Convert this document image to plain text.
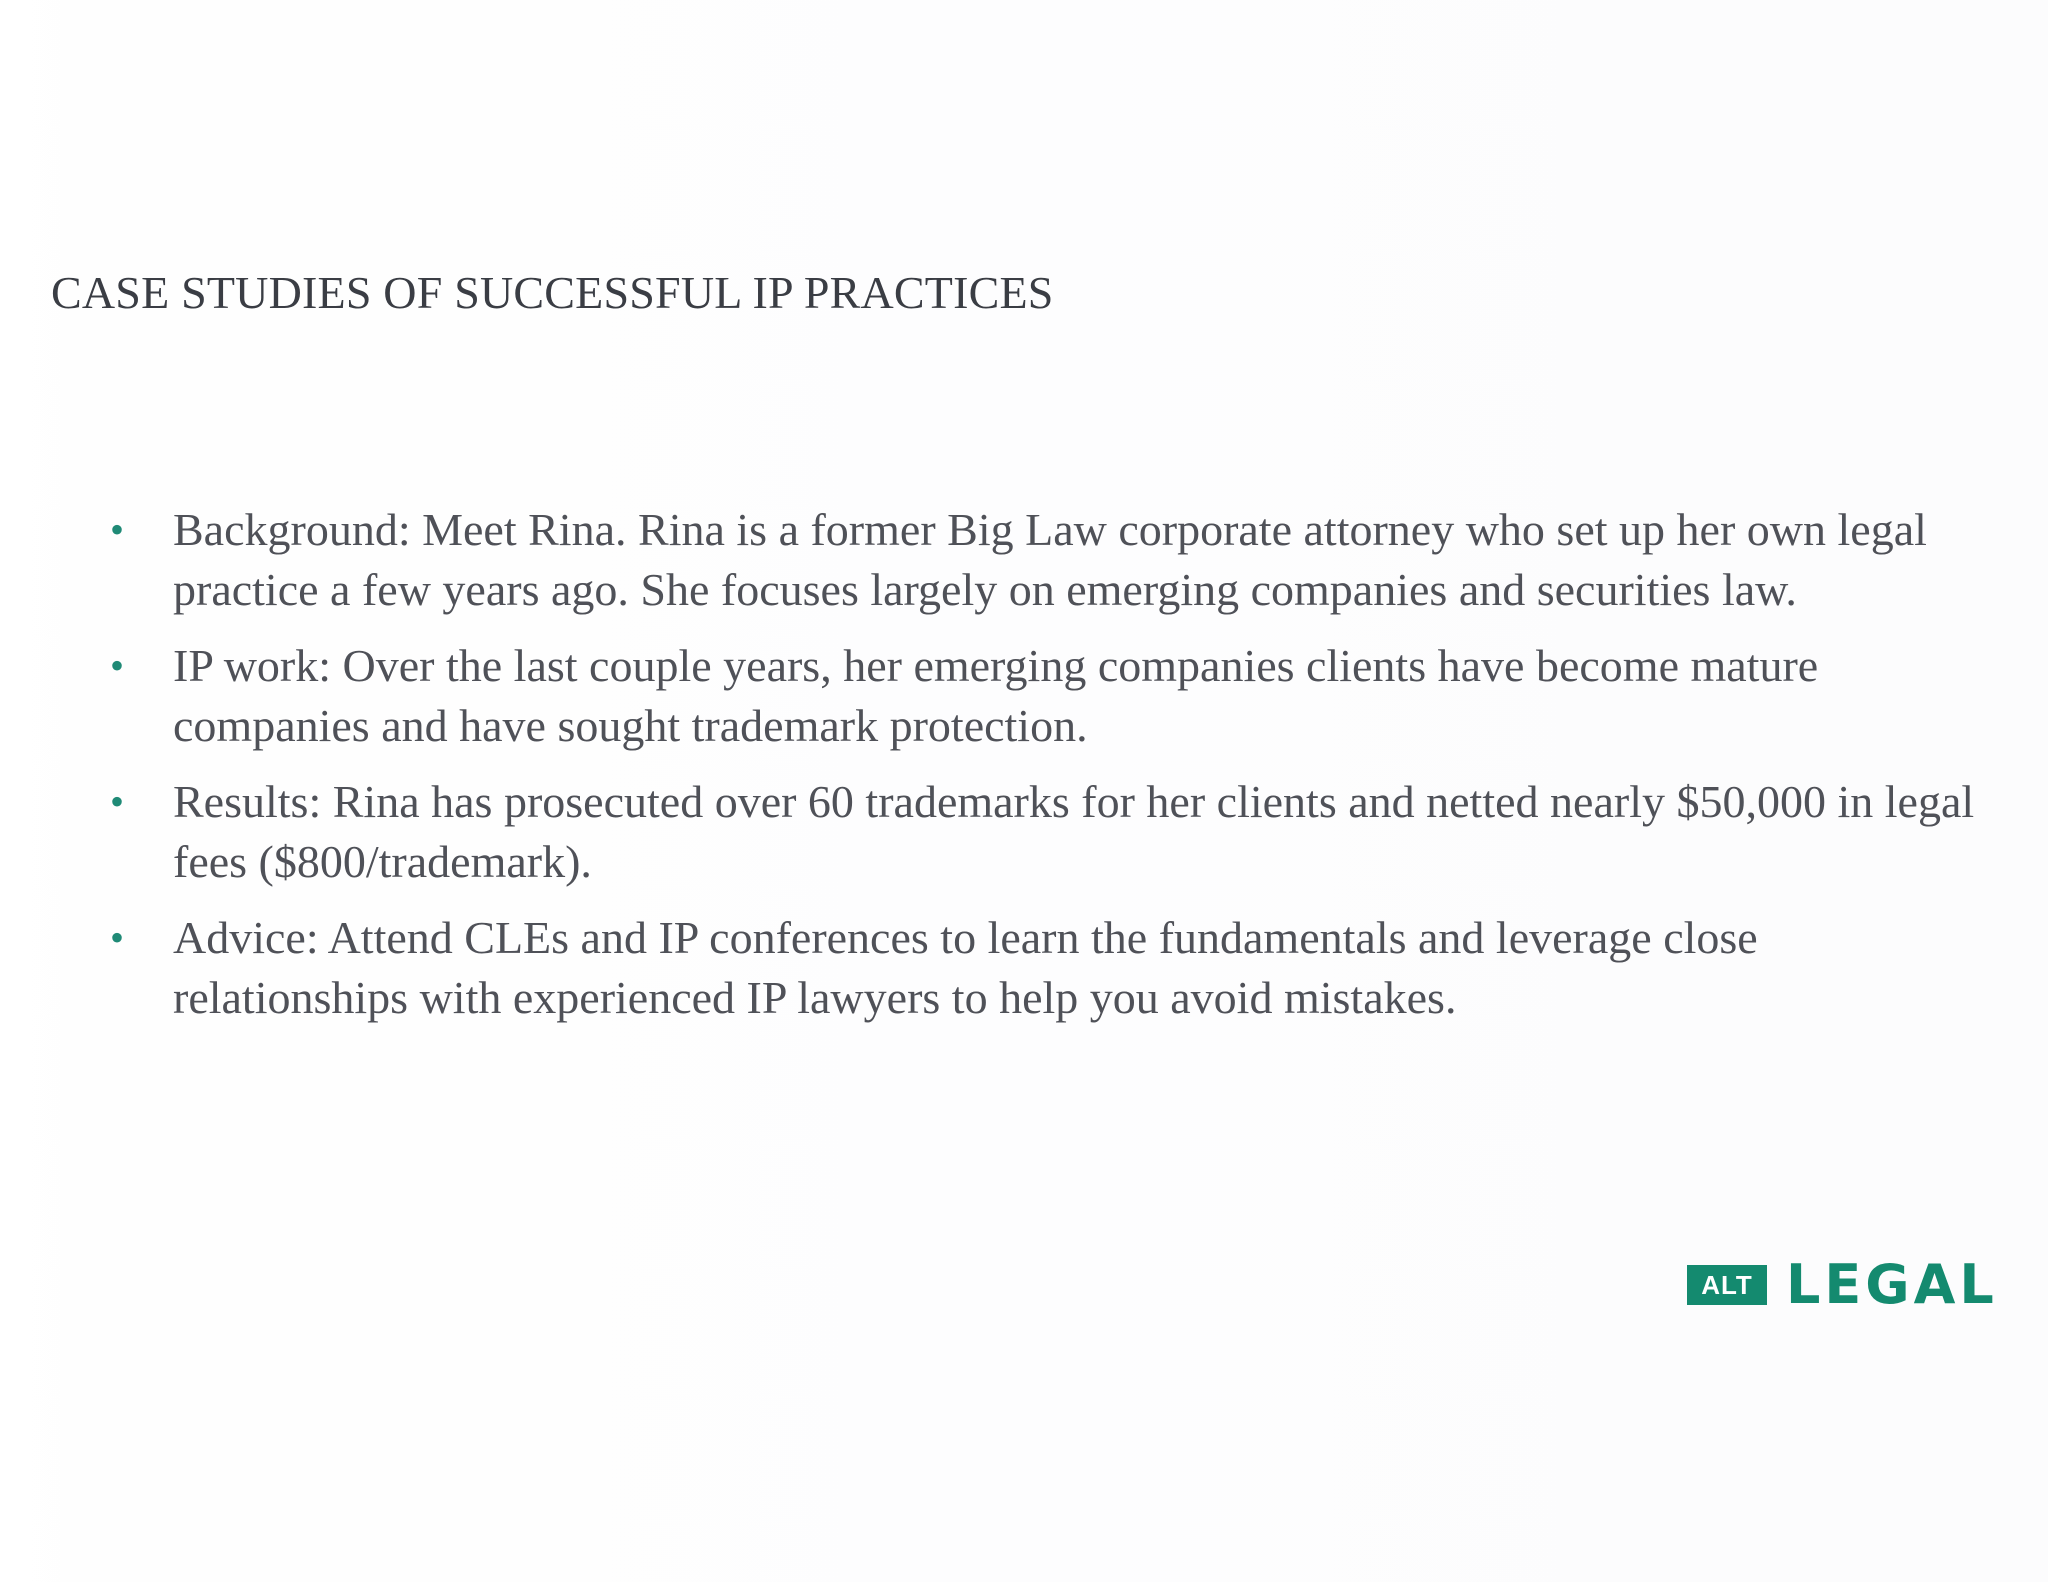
CASE STUDIES OF SUCCESSFUL IP PRACTICES
• Background: Meet Rina. Rina is a former Big Law corporate attorney who set up her own legal practice a few years ago. She focuses largely on emerging companies and securities law.
• IP work: Over the last couple years, her emerging companies clients have become mature companies and have sought trademark protection.
• Results: Rina has prosecuted over 60 trademarks for her clients and netted nearly $50,000 in legal fees ($800/trademark).
• Advice: Attend CLEs and IP conferences to learn the fundamentals and leverage close relationships with experienced IP lawyers to help you avoid mistakes.
ALT LEGAL
